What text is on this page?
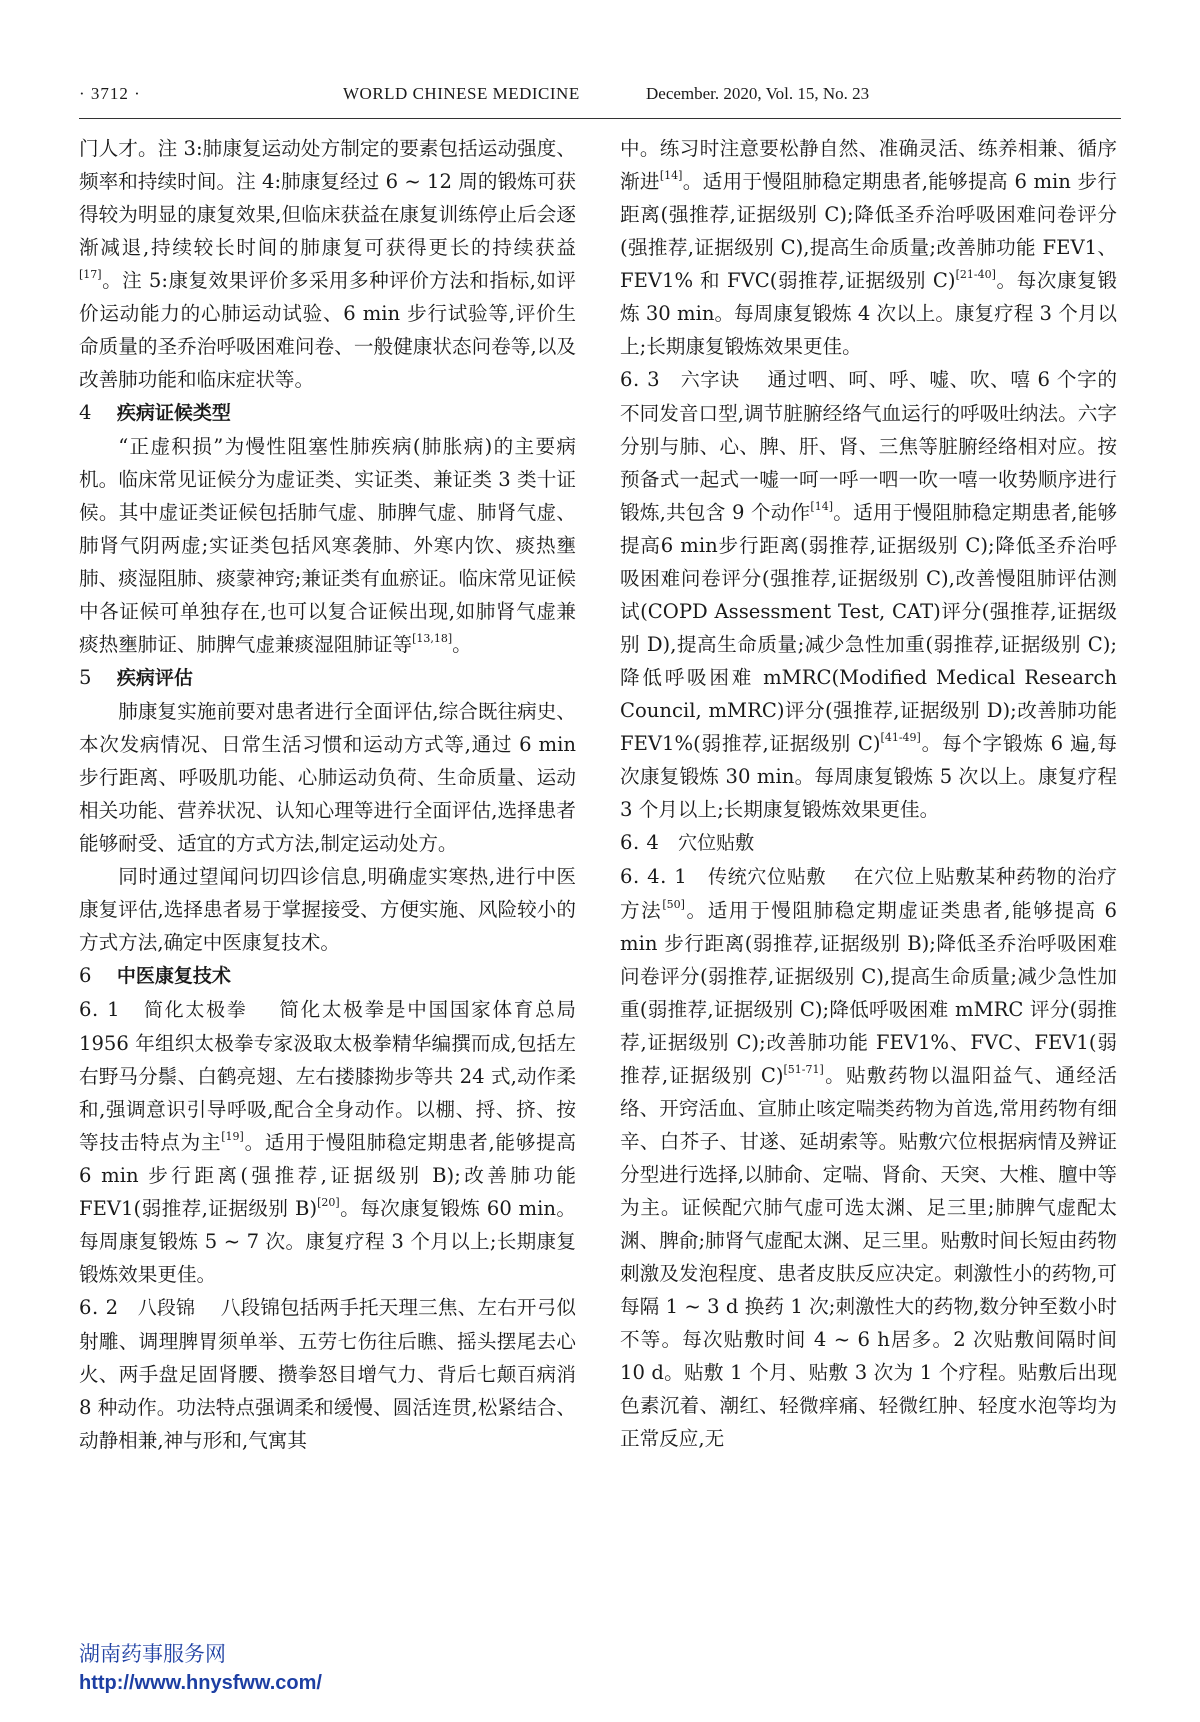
· 3712 ·	WORLD CHINESE MEDICINE	December. 2020, Vol. 15, No. 23

门人才。注 3:肺康复运动处方制定的要素包括运动强度、频率和持续时间。注 4:肺康复经过 6 ~ 12 周的锻炼可获得较为明显的康复效果,但临床获益在康复训练停止后会逐渐减退,持续较长时间的肺康复可获得更长的持续获益[17]。注 5:康复效果评价多采用多种评价方法和指标,如评价运动能力的心肺运动试验、6 min 步行试验等,评价生命质量的圣乔治呼吸困难问卷、一般健康状态问卷等,以及改善肺功能和临床症状等。

4 疾病证候类型

“正虚积损”为慢性阻塞性肺疾病(肺胀病)的主要病机。临床常见证候分为虚证类、实证类、兼证类 3 类十证候。其中虚证类证候包括肺气虚、肺脾气虚、肺肾气虚、肺肾气阴两虚;实证类包括风寒袭肺、外寒内饮、痰热壅肺、痰湿阻肺、痰蒙神窍;兼证类有血瘀证。临床常见证候中各证候可单独存在,也可以复合证候出现,如肺肾气虚兼痰热壅肺证、肺脾气虚兼痰湿阻肺证等[13,18]。

5 疾病评估

肺康复实施前要对患者进行全面评估,综合既往病史、本次发病情况、日常生活习惯和运动方式等,通过 6 min 步行距离、呼吸肌功能、心肺运动负荷、生命质量、运动相关功能、营养状况、认知心理等进行全面评估,选择患者能够耐受、适宜的方式方法,制定运动处方。

同时通过望闻问切四诊信息,明确虚实寒热,进行中医康复评估,选择患者易于掌握接受、方便实施、风险较小的方式方法,确定中医康复技术。

6 中医康复技术

6. 1 简化太极拳 简化太极拳是中国国家体育总局 1956 年组织太极拳专家汲取太极拳精华编撰而成,包括左右野马分鬃、白鹤亮翅、左右搂膝拗步等共 24 式,动作柔和,强调意识引导呼吸,配合全身动作。以棚、捋、挤、按等技击特点为主[19]。适用于慢阻肺稳定期患者,能够提高 6 min 步行距离(强推荐,证据级别 B);改善肺功能 FEV1(弱推荐,证据级别 B)[20]。每次康复锻炼 60 min。每周康复锻炼 5 ~ 7 次。康复疗程 3 个月以上;长期康复锻炼效果更佳。

6. 2 八段锦 八段锦包括两手托天理三焦、左右开弓似射雕、调理脾胃须单举、五劳七伤往后瞧、摇头摆尾去心火、两手盘足固肾腰、攒拳怒目增气力、背后七颠百病消 8 种动作。功法特点强调柔和缓慢、圆活连贯,松紧结合、动静相兼,神与形和,气寓其

中。练习时注意要松静自然、准确灵活、练养相兼、循序渐进[14]。适用于慢阻肺稳定期患者,能够提高 6 min 步行距离(强推荐,证据级别 C);降低圣乔治呼吸困难问卷评分(强推荐,证据级别 C),提高生命质量;改善肺功能 FEV1、FEV1% 和 FVC(弱推荐,证据级别 C)[21-40]。每次康复锻炼 30 min。每周康复锻炼 4 次以上。康复疗程 3 个月以上;长期康复锻炼效果更佳。

6. 3 六字诀 通过呬、呵、呼、嘘、吹、嘻 6 个字的不同发音口型,调节脏腑经络气血运行的呼吸吐纳法。六字分别与肺、心、脾、肝、肾、三焦等脏腑经络相对应。按预备式一起式一嘘一呵一呼一呬一吹一嘻一收势顺序进行锻炼,共包含 9 个动作[14]。适用于慢阻肺稳定期患者,能够提高6 min步行距离(弱推荐,证据级别 C);降低圣乔治呼吸困难问卷评分(强推荐,证据级别 C),改善慢阻肺评估测试(COPD Assessment Test, CAT)评分(强推荐,证据级别 D),提高生命质量;减少急性加重(弱推荐,证据级别 C);降低呼吸困难 mMRC(Modified Medical Research Council, mMRC)评分(强推荐,证据级别 D);改善肺功能 FEV1%(弱推荐,证据级别 C)[41-49]。每个字锻炼 6 遍,每次康复锻炼 30 min。每周康复锻炼 5 次以上。康复疗程 3 个月以上;长期康复锻炼效果更佳。

6. 4 穴位贴敷

6. 4. 1 传统穴位贴敷 在穴位上贴敷某种药物的治疗方法[50]。适用于慢阻肺稳定期虚证类患者,能够提高 6 min 步行距离(弱推荐,证据级别 B);降低圣乔治呼吸困难问卷评分(弱推荐,证据级别 C),提高生命质量;减少急性加重(弱推荐,证据级别 C);降低呼吸困难 mMRC 评分(弱推荐,证据级别 C);改善肺功能 FEV1%、FVC、FEV1(弱推荐,证据级别 C)[51-71]。贴敷药物以温阳益气、通经活络、开窍活血、宣肺止咳定喘类药物为首选,常用药物有细辛、白芥子、甘遂、延胡索等。贴敷穴位根据病情及辨证分型进行选择,以肺俞、定喘、肾俞、天突、大椎、膻中等为主。证候配穴肺气虚可选太渊、足三里;肺脾气虚配太渊、脾俞;肺肾气虚配太渊、足三里。贴敷时间长短由药物刺激及发泡程度、患者皮肤反应决定。刺激性小的药物,可每隔 1 ~ 3 d 换药 1 次;刺激性大的药物,数分钟至数小时不等。每次贴敷时间 4 ~ 6 h居多。2 次贴敷间隔时间 10 d。贴敷 1 个月、贴敷 3 次为 1 个疗程。贴敷后出现色素沉着、潮红、轻微痒痛、轻微红肿、轻度水泡等均为正常反应,无

湖南药事服务网
http://www.hnysfww.com/
